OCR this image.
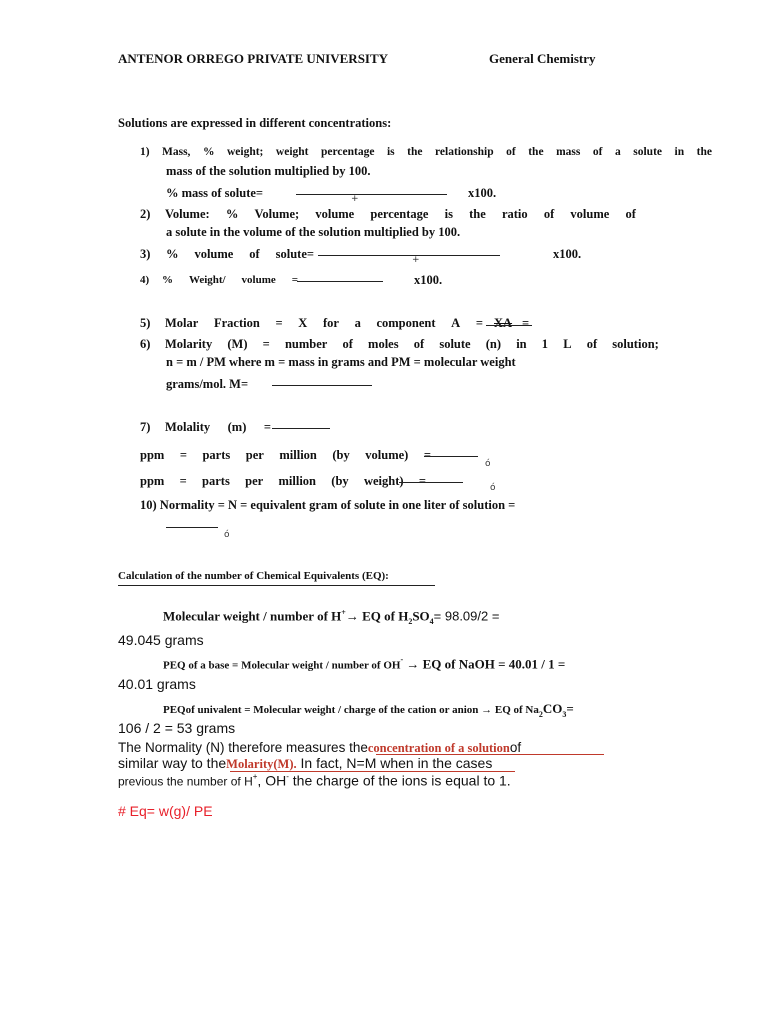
ANTENOR ORREGO PRIVATE UNIVERSITY	General Chemistry
Solutions are expressed in different concentrations:
1) Mass, % weight; weight percentage is the relationship of the mass of a solute in the
mass of the solution multiplied by 100.
% mass of solute=	+	x100.
2) Volume: % Volume; volume percentage is the ratio of volume of
a solute in the volume of the solution multiplied by 100.
3) % volume of solute=	+	x100.
4) % Weight/ volume =	x100.
5) Molar Fraction = X for a component A = XA =
6) Molarity (M) = number of moles of solute (n) in 1 L of solution;
n = m / PM where m = mass in grams and PM = molecular weight
grams/mol. M=
7) Molality (m) =
ppm = parts per million (by volume) =
ό
ppm = parts per million (by weight) =	ό
10) Normality = N = equivalent gram of solute in one liter of solution =
ό
Calculation of the number of Chemical Equivalents (EQ):
Molecular weight / number of H+→ EQ of $H_2SO_4= 98.09/2$ =
49.045 grams
PEQ of a base = Molecular weight / number of OH- → EQ of NaOH = 40.01 / 1 =
40.01 grams
PEQof univalent = Molecular weight / charge of the cation or anion → EQ of $Na_2CO_3=$
106 / 2 = 53 grams
The Normality (N) therefore measures theconcentration of a solutionof
similar way to theMolarity(M). In fact, N=M when in the cases
previous the number of H+, OH- the charge of the ions is equal to 1.
# Eq= w(g)/ PE
